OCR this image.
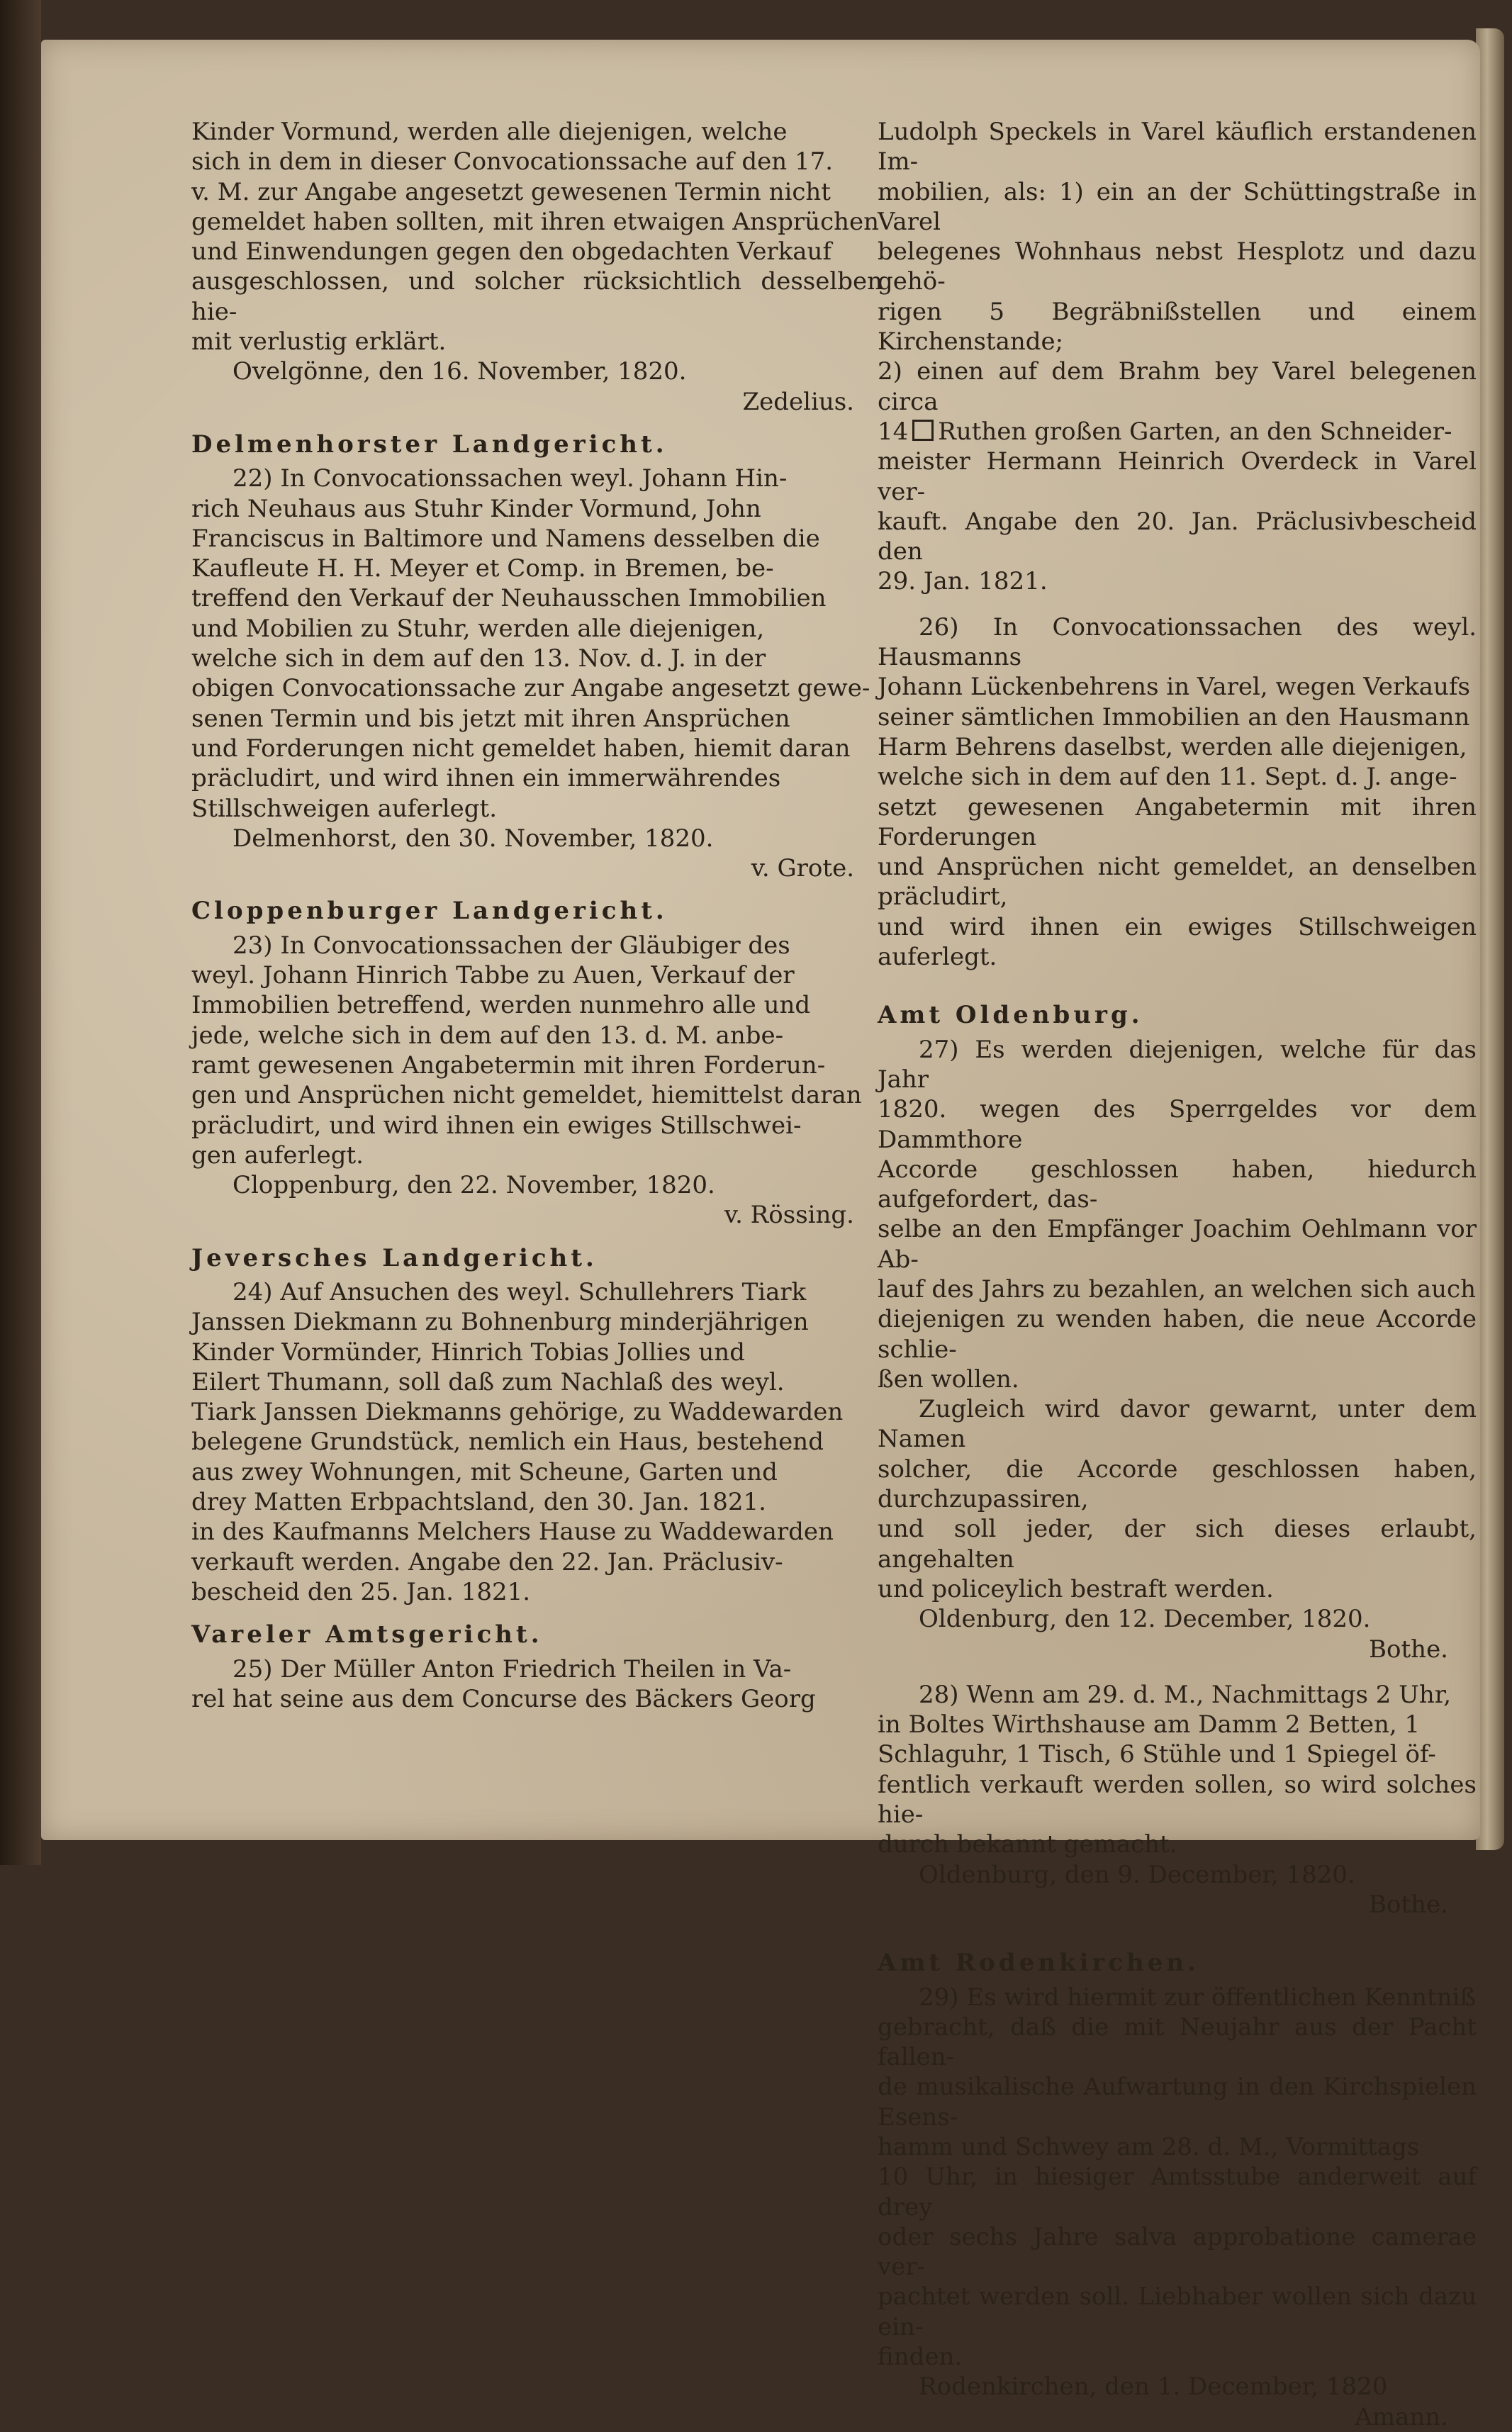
Kinder Vormund, werden alle diejenigen, welche

sich in dem in dieser Convocationssache auf den 17.

v. M. zur Angabe angesetzt gewesenen Termin nicht

gemeldet haben sollten, mit ihren etwaigen Ansprüchen

und Einwendungen gegen den obgedachten Verkauf

ausgeschlossen, und solcher rücksichtlich desselben hie-

mit verlustig erklärt.

Ovelgönne, den 16. November, 1820.

Zedelius.

Delmenhorster Landgericht.

22) In Convocationssachen weyl. Johann Hin-

rich Neuhaus aus Stuhr Kinder Vormund, John

Franciscus in Baltimore und Namens desselben die

Kaufleute H. H. Meyer et Comp. in Bremen, be-

treffend den Verkauf der Neuhausschen Immobilien

und Mobilien zu Stuhr, werden alle diejenigen,

welche sich in dem auf den 13. Nov. d. J. in der

obigen Convocationssache zur Angabe angesetzt gewe-

senen Termin und bis jetzt mit ihren Ansprüchen

und Forderungen nicht gemeldet haben, hiemit daran

präcludirt, und wird ihnen ein immerwährendes

Stillschweigen auferlegt.

Delmenhorst, den 30. November, 1820.

v. Grote.

Cloppenburger Landgericht.

23) In Convocationssachen der Gläubiger des

weyl. Johann Hinrich Tabbe zu Auen, Verkauf der

Immobilien betreffend, werden nunmehro alle und

jede, welche sich in dem auf den 13. d. M. anbe-

ramt gewesenen Angabetermin mit ihren Forderun-

gen und Ansprüchen nicht gemeldet, hiemittelst daran

präcludirt, und wird ihnen ein ewiges Stillschwei-

gen auferlegt.

Cloppenburg, den 22. November, 1820.

v. Rössing.

Jeversches Landgericht.

24) Auf Ansuchen des weyl. Schullehrers Tiark

Janssen Diekmann zu Bohnenburg minderjährigen

Kinder Vormünder, Hinrich Tobias Jollies und

Eilert Thumann, soll daß zum Nachlaß des weyl.

Tiark Janssen Diekmanns gehörige, zu Waddewarden

belegene Grundstück, nemlich ein Haus, bestehend

aus zwey Wohnungen, mit Scheune, Garten und

drey Matten Erbpachtsland, den 30. Jan. 1821.

in des Kaufmanns Melchers Hause zu Waddewarden

verkauft werden. Angabe den 22. Jan. Präclusiv-

bescheid den 25. Jan. 1821.

Vareler Amtsgericht.

25) Der Müller Anton Friedrich Theilen in Va-

rel hat seine aus dem Concurse des Bäckers Georg

Ludolph Speckels in Varel käuflich erstandenen Im-

mobilien, als: 1) ein an der Schüttingstraße in Varel

belegenes Wohnhaus nebst Hesplotz und dazu gehö-

rigen 5 Begräbnißstellen und einem Kirchenstande;

2) einen auf dem Brahm bey Varel belegenen circa

14 Ruthen großen Garten, an den Schneider-

meister Hermann Heinrich Overdeck in Varel ver-

kauft. Angabe den 20. Jan. Präclusivbescheid den

29. Jan. 1821.

26) In Convocationssachen des weyl. Hausmanns

Johann Lückenbehrens in Varel, wegen Verkaufs

seiner sämtlichen Immobilien an den Hausmann

Harm Behrens daselbst, werden alle diejenigen,

welche sich in dem auf den 11. Sept. d. J. ange-

setzt gewesenen Angabetermin mit ihren Forderungen

und Ansprüchen nicht gemeldet, an denselben präcludirt,

und wird ihnen ein ewiges Stillschweigen auferlegt.

Amt Oldenburg.

27) Es werden diejenigen, welche für das Jahr

1820. wegen des Sperrgeldes vor dem Dammthore

Accorde geschlossen haben, hiedurch aufgefordert, das-

selbe an den Empfänger Joachim Oehlmann vor Ab-

lauf des Jahrs zu bezahlen, an welchen sich auch

diejenigen zu wenden haben, die neue Accorde schlie-

ßen wollen.

Zugleich wird davor gewarnt, unter dem Namen

solcher, die Accorde geschlossen haben, durchzupassiren,

und soll jeder, der sich dieses erlaubt, angehalten

und policeylich bestraft werden.

Oldenburg, den 12. December, 1820.

Bothe.

28) Wenn am 29. d. M., Nachmittags 2 Uhr,

in Boltes Wirthshause am Damm 2 Betten, 1

Schlaguhr, 1 Tisch, 6 Stühle und 1 Spiegel öf-

fentlich verkauft werden sollen, so wird solches hie-

durch bekannt gemacht.

Oldenburg, den 9. December, 1820.

Bothe.

Amt Rodenkirchen.

29) Es wird hiermit zur öffentlichen Kenntniß

gebracht, daß die mit Neujahr aus der Pacht fallen-

de musikalische Aufwartung in den Kirchspielen Esens-

hamm und Schwey am 28. d. M., Vormittags

10 Uhr, in hiesiger Amtsstube anderweit auf drey

oder sechs Jahre salva approbatione camerae ver-

pachtet werden soll. Liebhaber wollen sich dazu ein-

finden.

Rodenkirchen, den 1. December, 1820

Amann.
